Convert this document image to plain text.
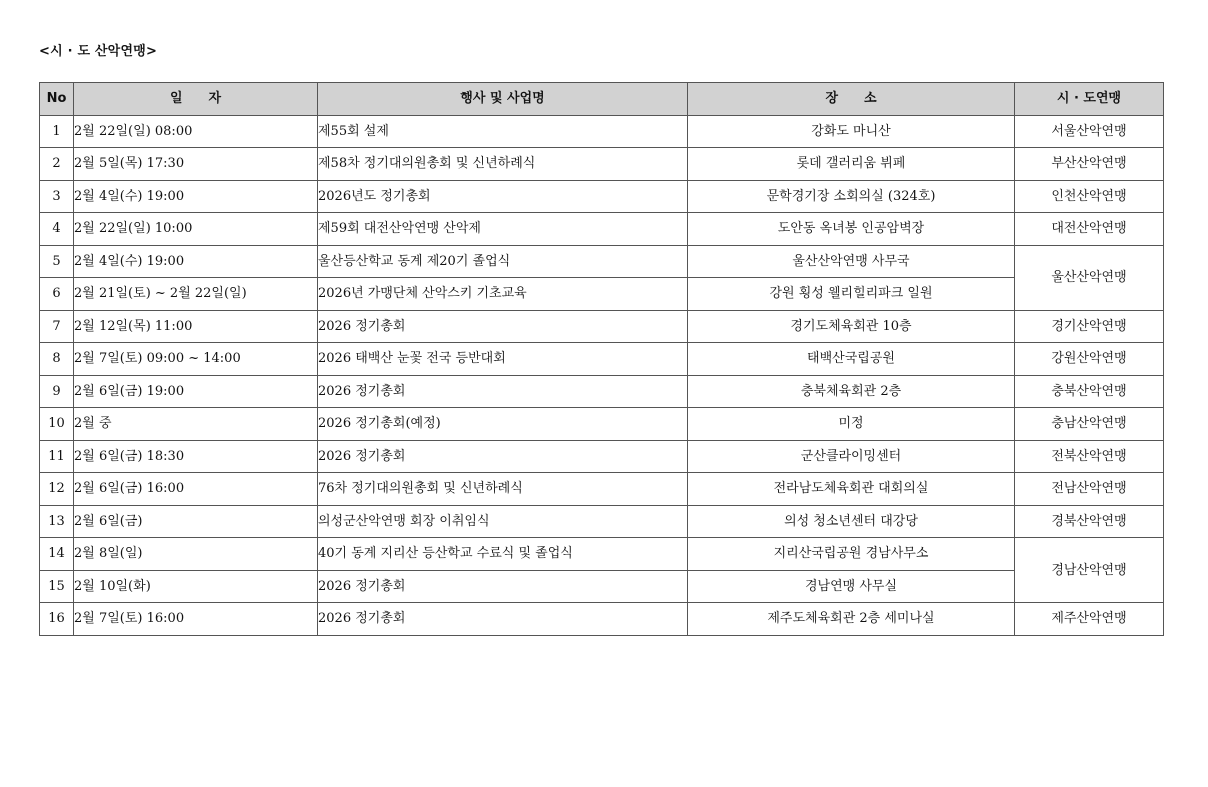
<시 · 도 산악연맹>
No	일　　자	행사 및 사업명	장　　소	시 · 도연맹
1	2월 22일(일) 08:00	제55회 설제	강화도 마니산	서울산악연맹
2	2월 5일(목) 17:30	제58차 정기대의원총회 및 신년하례식	롯데 갤러리움 뷔페	부산산악연맹
3	2월 4일(수) 19:00	2026년도 정기총회	문학경기장 소회의실 (324호)	인천산악연맹
4	2월 22일(일) 10:00	제59회 대전산악연맹 산악제	도안동 옥녀봉 인공암벽장	대전산악연맹
5	2월 4일(수) 19:00	울산등산학교 동계 제20기 졸업식	울산산악연맹 사무국	울산산악연맹
6	2월 21일(토) ~ 2월 22일(일)	2026년 가맹단체 산악스키 기초교육	강원 횡성 웰리힐리파크 일원	
7	2월 12일(목) 11:00	2026 정기총회	경기도체육회관 10층	경기산악연맹
8	2월 7일(토) 09:00 ~ 14:00	2026 태백산 눈꽃 전국 등반대회	태백산국립공원	강원산악연맹
9	2월 6일(금) 19:00	2026 정기총회	충북체육회관 2층	충북산악연맹
10	2월 중	2026 정기총회(예정)	미정	충남산악연맹
11	2월 6일(금) 18:30	2026 정기총회	군산클라이밍센터	전북산악연맹
12	2월 6일(금) 16:00	76차 정기대의원총회 및 신년하례식	전라남도체육회관 대회의실	전남산악연맹
13	2월 6일(금)	의성군산악연맹 회장 이취임식	의성 청소년센터 대강당	경북산악연맹
14	2월 8일(일)	40기 동계 지리산 등산학교 수료식 및 졸업식	지리산국립공원 경남사무소	경남산악연맹
15	2월 10일(화)	2026 정기총회	경남연맹 사무실	
16	2월 7일(토) 16:00	2026 정기총회	제주도체육회관 2층 세미나실	제주산악연맹
